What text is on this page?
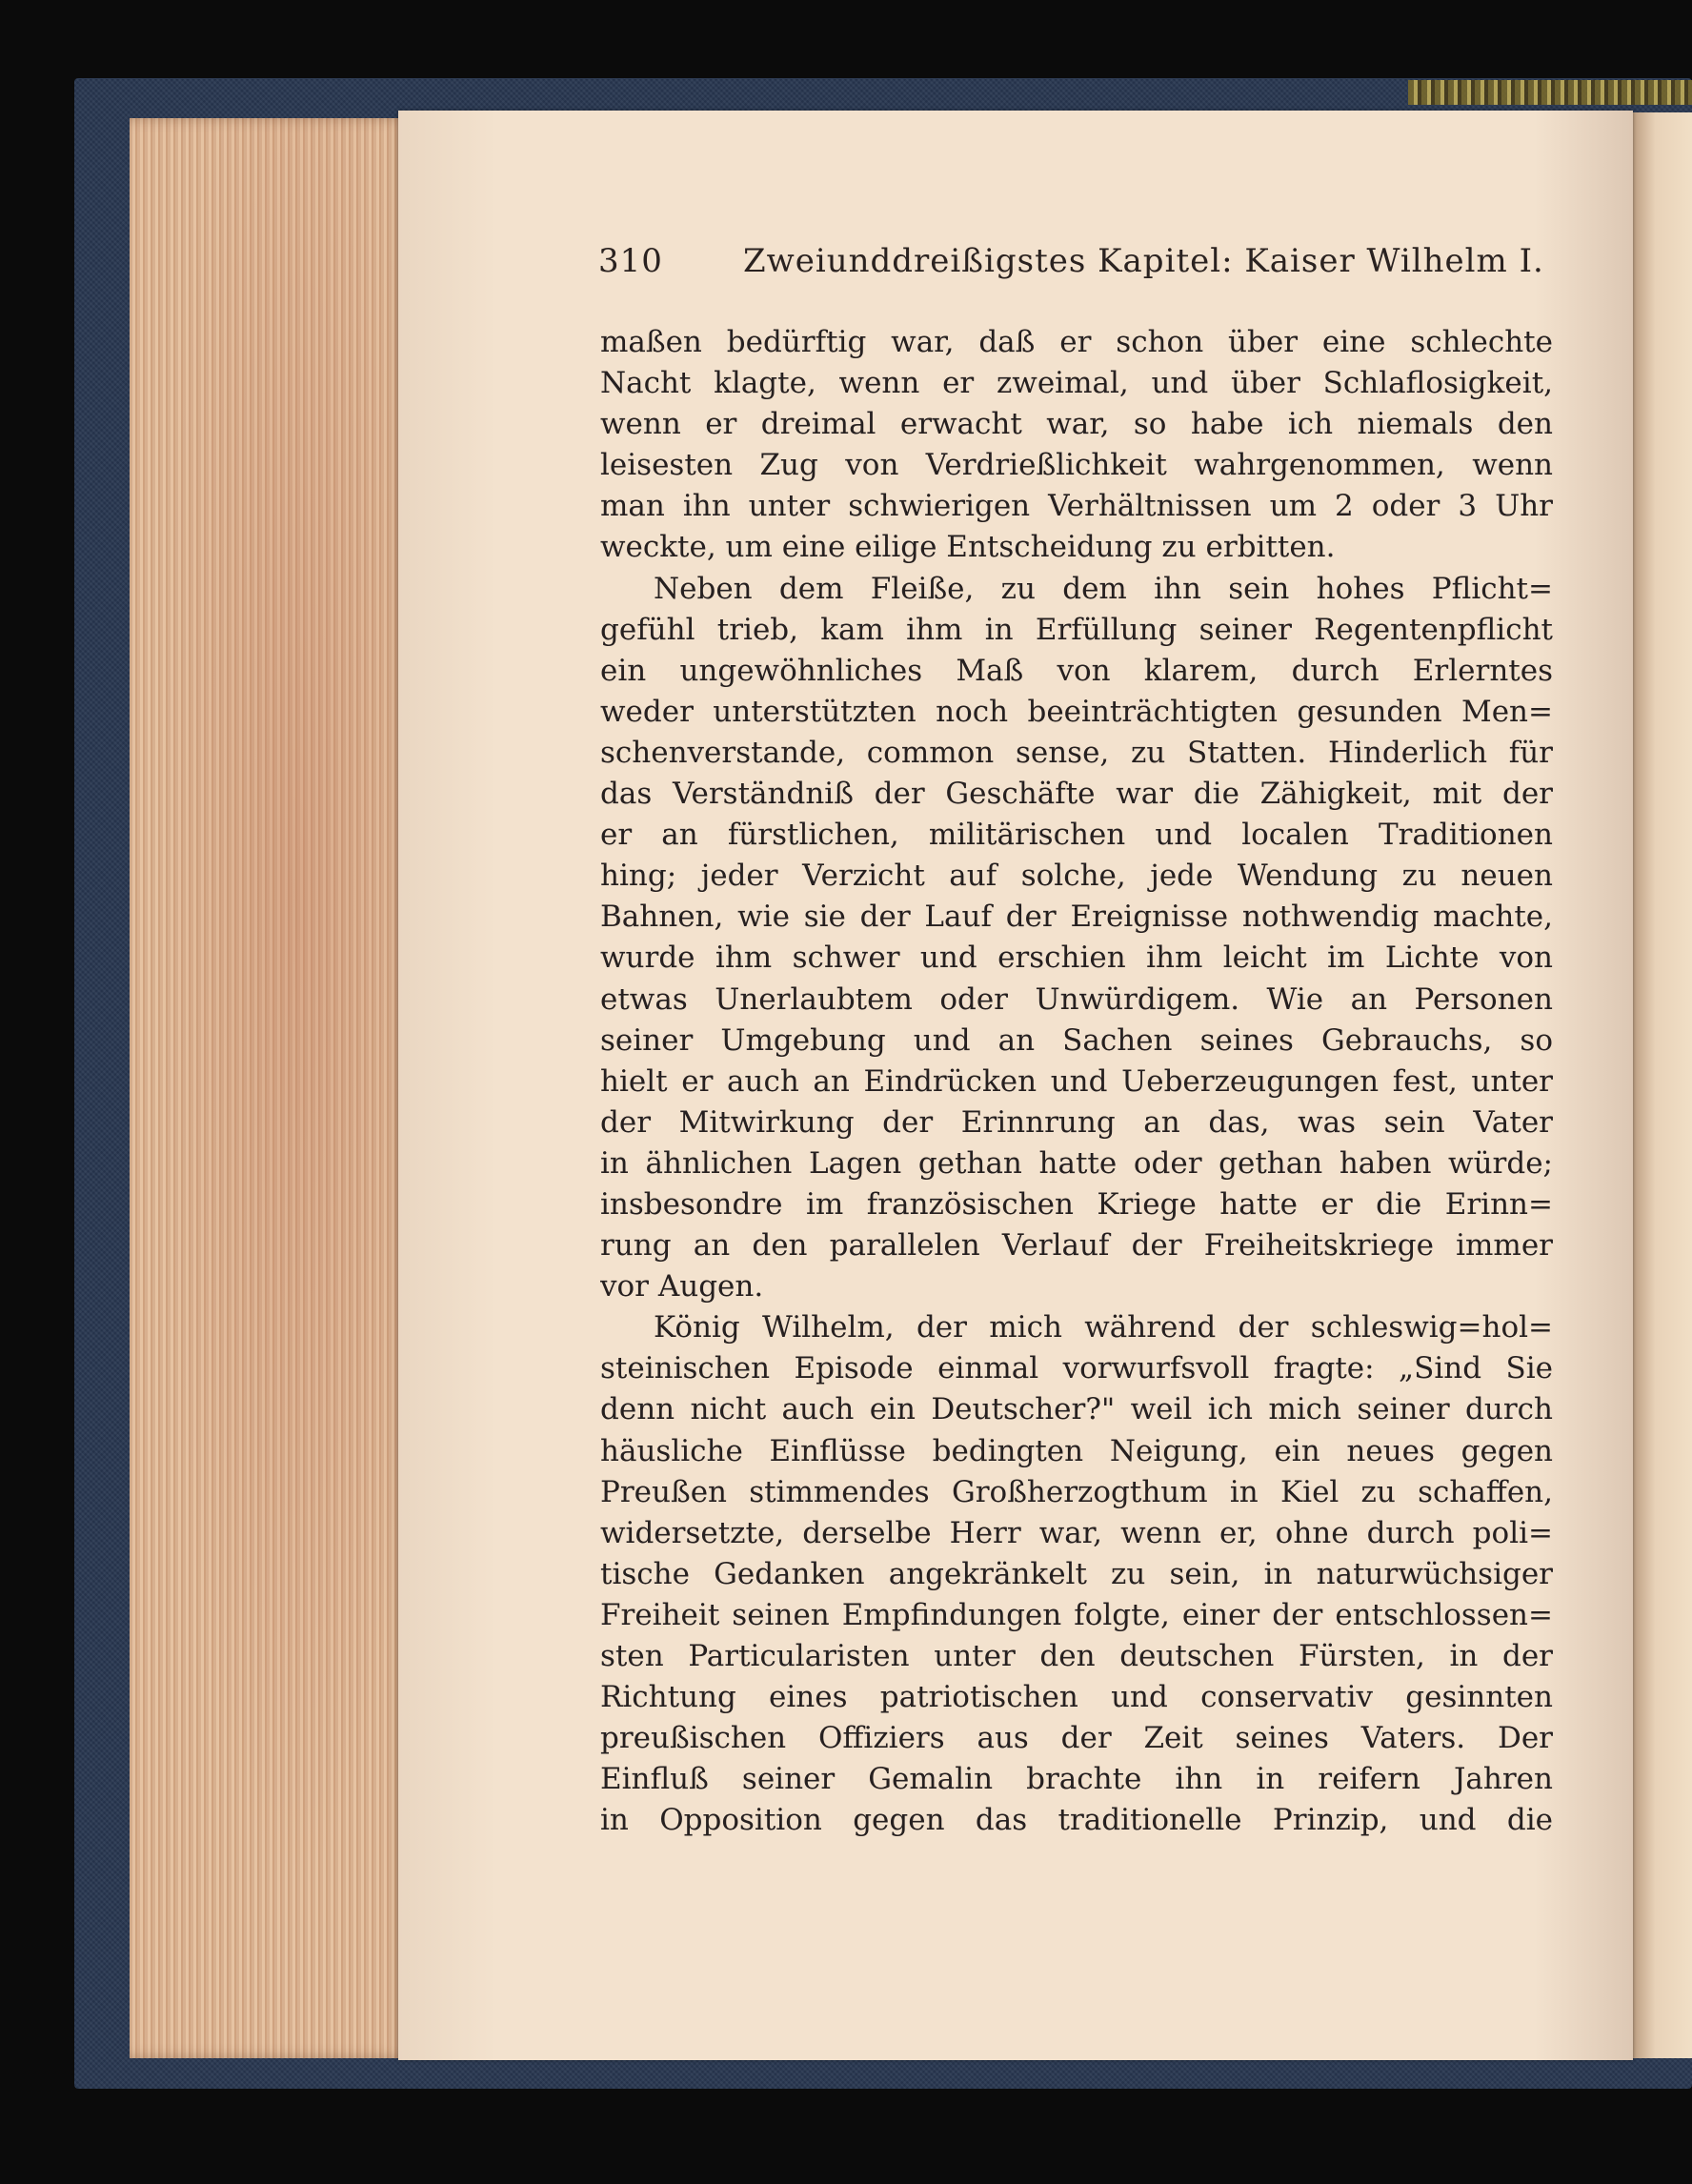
310 Zweiunddreißigstes Kapitel: Kaiser Wilhelm I.
maßen bedürftig war, daß er schon über eine schlechte
Nacht klagte, wenn er zweimal, und über Schlaflosigkeit,
wenn er dreimal erwacht war, so habe ich niemals den
leisesten Zug von Verdrießlichkeit wahrgenommen, wenn
man ihn unter schwierigen Verhältnissen um 2 oder 3 Uhr
weckte, um eine eilige Entscheidung zu erbitten.
Neben dem Fleiße, zu dem ihn sein hohes Pflicht=
gefühl trieb, kam ihm in Erfüllung seiner Regentenpflicht
ein ungewöhnliches Maß von klarem, durch Erlerntes
weder unterstützten noch beeinträchtigten gesunden Men=
schenverstande, common sense, zu Statten. Hinderlich für
das Verständniß der Geschäfte war die Zähigkeit, mit der
er an fürstlichen, militärischen und localen Traditionen
hing; jeder Verzicht auf solche, jede Wendung zu neuen
Bahnen, wie sie der Lauf der Ereignisse nothwendig machte,
wurde ihm schwer und erschien ihm leicht im Lichte von
etwas Unerlaubtem oder Unwürdigem. Wie an Personen
seiner Umgebung und an Sachen seines Gebrauchs, so
hielt er auch an Eindrücken und Ueberzeugungen fest, unter
der Mitwirkung der Erinnrung an das, was sein Vater
in ähnlichen Lagen gethan hatte oder gethan haben würde;
insbesondre im französischen Kriege hatte er die Erinn=
rung an den parallelen Verlauf der Freiheitskriege immer
vor Augen.
König Wilhelm, der mich während der schleswig=hol=
steinischen Episode einmal vorwurfsvoll fragte: „Sind Sie
denn nicht auch ein Deutscher?" weil ich mich seiner durch
häusliche Einflüsse bedingten Neigung, ein neues gegen
Preußen stimmendes Großherzogthum in Kiel zu schaffen,
widersetzte, derselbe Herr war, wenn er, ohne durch poli=
tische Gedanken angekränkelt zu sein, in naturwüchsiger
Freiheit seinen Empfindungen folgte, einer der entschlossen=
sten Particularisten unter den deutschen Fürsten, in der
Richtung eines patriotischen und conservativ gesinnten
preußischen Offiziers aus der Zeit seines Vaters. Der
Einfluß seiner Gemalin brachte ihn in reifern Jahren
in Opposition gegen das traditionelle Prinzip, und die
